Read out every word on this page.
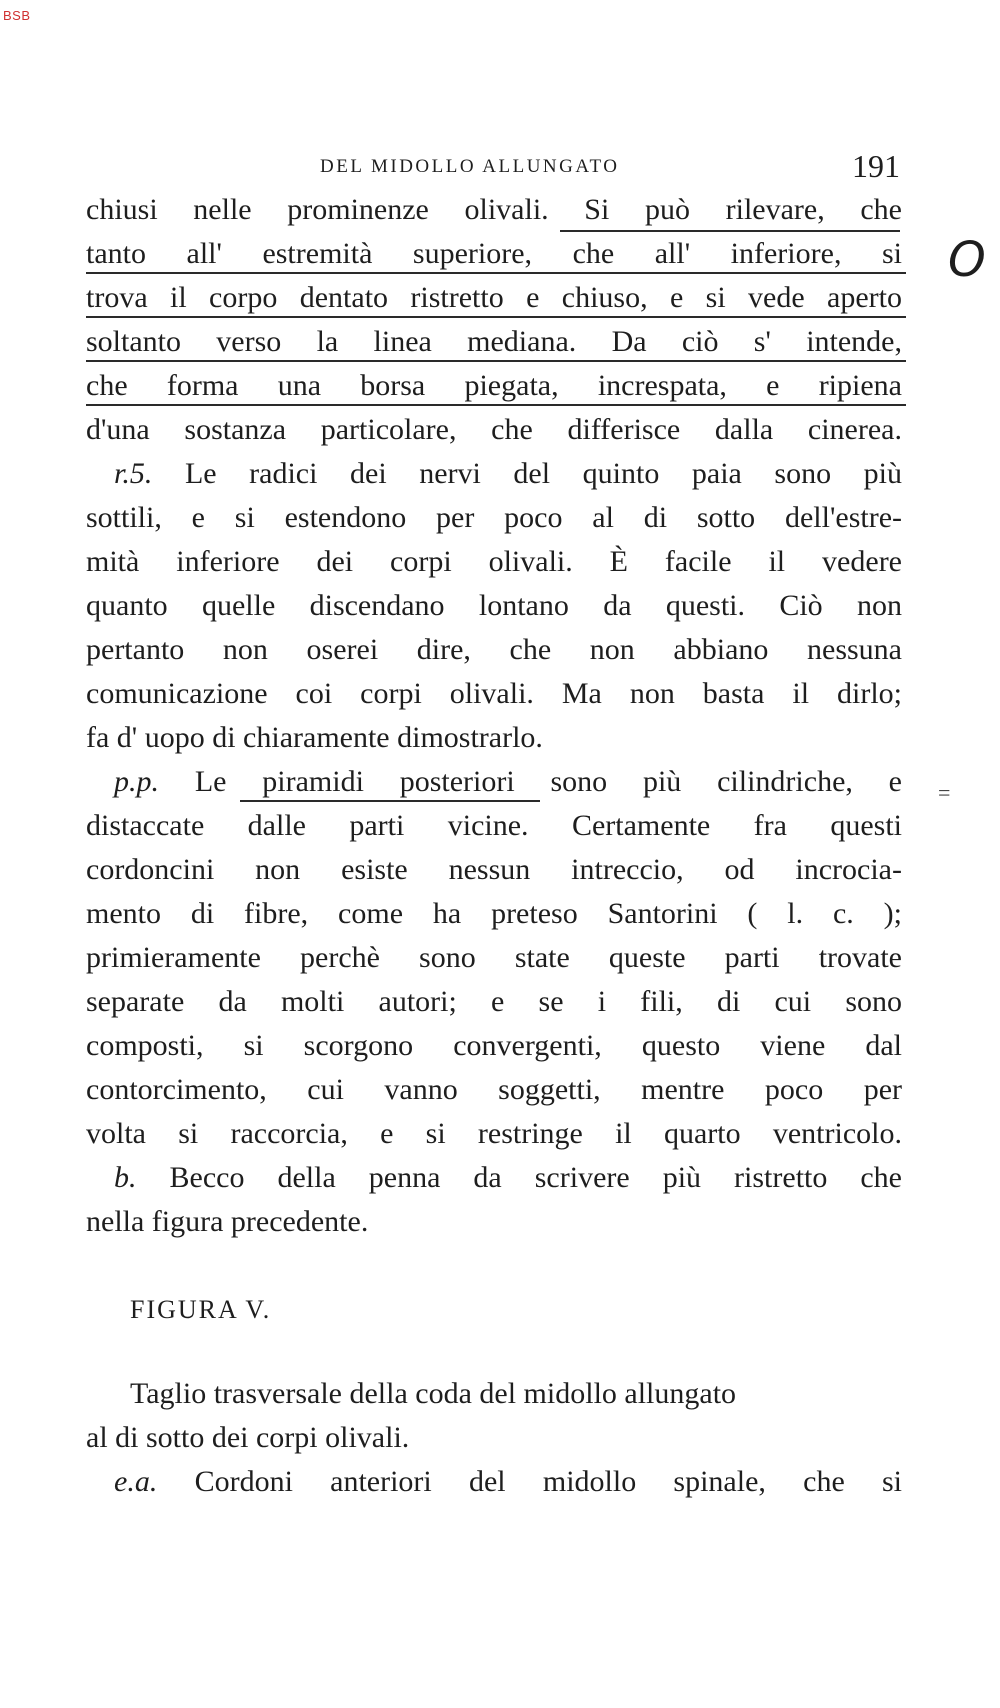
BSB
DEL MIDOLLO ALLUNGATO	191
O
=
chiusi nelle prominenze olivali. Si può rilevare, che
tanto all' estremità superiore, che all' inferiore, si
trova il corpo dentato ristretto e chiuso, e si vede aperto
soltanto verso la linea mediana. Da ciò s' intende,
che forma una borsa piegata, increspata, e ripiena
d'una sostanza particolare, che differisce dalla cinerea.
r.5. Le radici dei nervi del quinto paia sono più
sottili, e si estendono per poco al di sotto dell'estre-
mità inferiore dei corpi olivali. È facile il vedere
quanto quelle discendano lontano da questi. Ciò non
pertanto non oserei dire, che non abbiano nessuna
comunicazione coi corpi olivali. Ma non basta il dirlo;
fa d' uopo di chiaramente dimostrarlo.
p.p. Le piramidi posteriori sono più cilindriche, e
distaccate dalle parti vicine. Certamente fra questi
cordoncini non esiste nessun intreccio, od incrocia-
mento di fibre, come ha preteso Santorini ( l. c. );
primieramente perchè sono state queste parti trovate
separate da molti autori; e se i fili, di cui sono
composti, si scorgono convergenti, questo viene dal
contorcimento, cui vanno soggetti, mentre poco per
volta si raccorcia, e si restringe il quarto ventricolo.
b. Becco della penna da scrivere più ristretto che
nella figura precedente.
FIGURA V.
Taglio trasversale della coda del midollo allungato
al di sotto dei corpi olivali.
e.a. Cordoni anteriori del midollo spinale, che si
